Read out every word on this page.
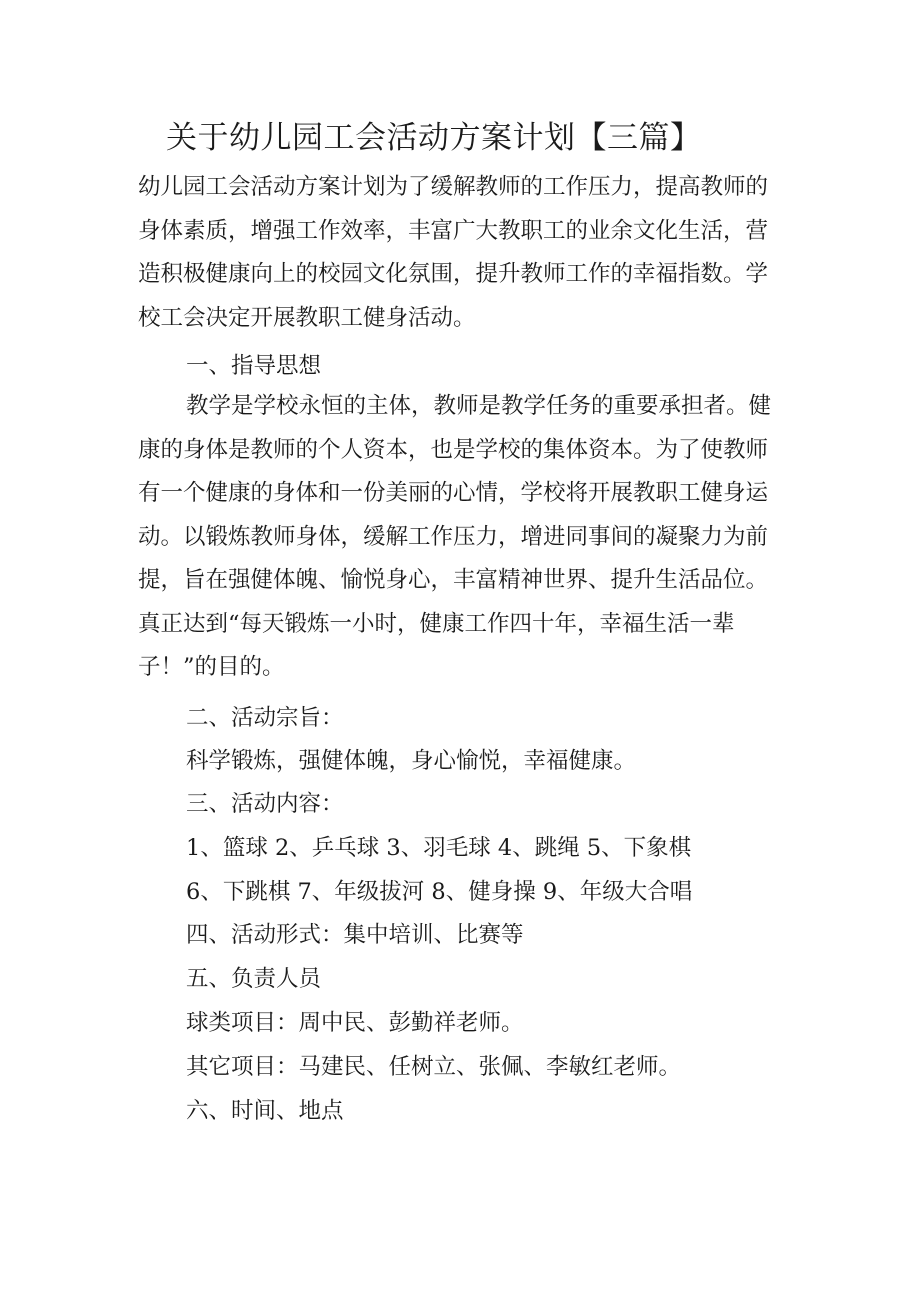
关于幼儿园工会活动方案计划【三篇】
幼儿园工会活动方案计划为了缓解教师的工作压力，提高教师的
身体素质，增强工作效率，丰富广大教职工的业余文化生活，营
造积极健康向上的校园文化氛围，提升教师工作的幸福指数。学
校工会决定开展教职工健身活动。
一、指导思想
教学是学校永恒的主体，教师是教学任务的重要承担者。健
康的身体是教师的个人资本，也是学校的集体资本。为了使教师
有一个健康的身体和一份美丽的心情，学校将开展教职工健身运
动。以锻炼教师身体，缓解工作压力，增进同事间的凝聚力为前
提，旨在强健体魄、愉悦身心，丰富精神世界、提升生活品位。
真正达到“每天锻炼一小时，健康工作四十年，幸福生活一辈
子！”的目的。
二、活动宗旨：
科学锻炼，强健体魄，身心愉悦，幸福健康。
三、活动内容：
1、篮球 2、乒乓球 3、羽毛球 4、跳绳 5、下象棋
6、下跳棋 7、年级拔河 8、健身操 9、年级大合唱
四、活动形式：集中培训、比赛等
五、负责人员
球类项目：周中民、彭勤祥老师。
其它项目：马建民、任树立、张佩、李敏红老师。
六、时间、地点
